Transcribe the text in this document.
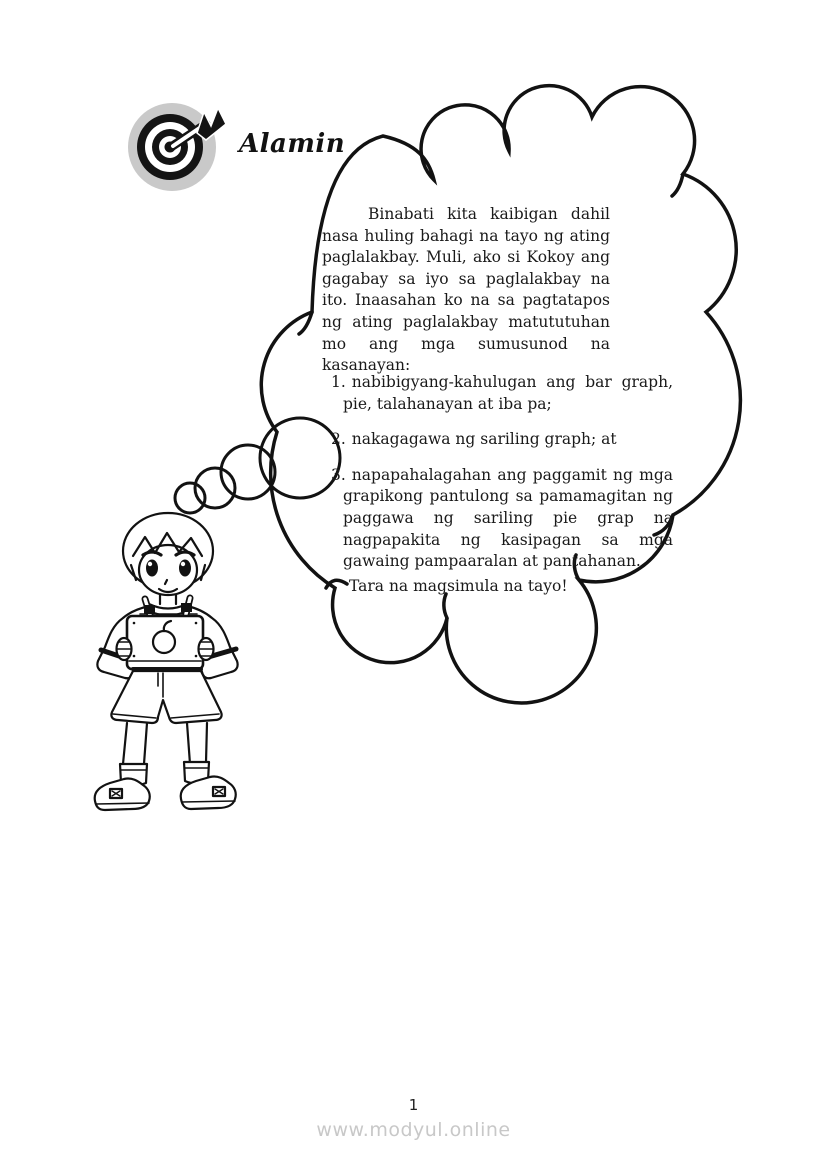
Alamin
Binabati kita kaibigan dahil nasa huling bahagi na tayo ng ating paglalakbay. Muli, ako si Kokoy ang gagabay sa iyo sa paglalakbay na ito. Inaasahan ko na sa pagtatapos ng ating paglalakbay matututuhan mo ang mga sumusunod na kasanayan:
1. nabibigyang-kahulugan ang bar graph, pie, talahanayan at iba pa;
2. nakagagawa ng sariling graph; at
3. napapahalagahan ang paggamit ng mga grapikong pantulong sa pamamagitan ng paggawa ng sariling pie grap na nagpapakita ng kasipagan sa mga gawaing pampaaralan at pantahanan.
Tara na magsimula na tayo!
1
www.modyul.online
